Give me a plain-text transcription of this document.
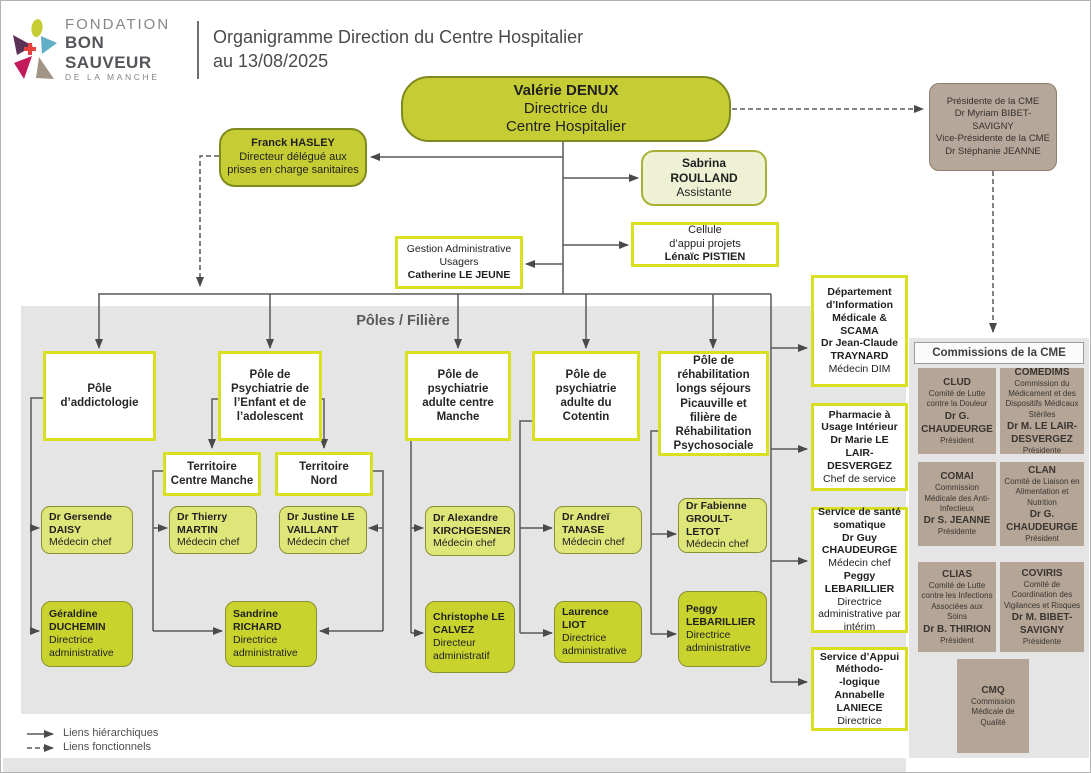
FONDATION
BON SAUVEUR
DE LA MANCHE
Organigramme Direction du Centre Hospitalier
au 13/08/2025
Valérie DENUX
Directrice du
Centre Hospitalier
Présidente de la CME
Dr Myriam BIBET-SAVIGNY
Vice-Présidente de la CME Dr Stéphanie JEANNE
Franck HASLEY
Directeur délégué aux prises en charge sanitaires
Sabrina ROULLAND
Assistante
Gestion Administrative
Usagers
Catherine LE JEUNE
Cellule
d’appui projets
Lénaïc PISTIEN
Pôles / Filière
Pôle d’addictologie
Pôle de Psychiatrie de l’Enfant et de l’adolescent
Pôle de psychiatrie adulte centre Manche
Pôle de psychiatrie adulte du Cotentin
Pôle de réhabilitation longs séjours Picauville et filière de Réhabilitation Psychosociale
Territoire
Centre Manche
Territoire
Nord
Dr Gersende DAISY
Médecin chef
Dr Thierry MARTIN
Médecin chef
Dr Justine LE VAILLANT
Médecin chef
Dr Alexandre KIRCHGESNER
Médecin chef
Dr Andreï TANASE
Médecin chef
Dr Fabienne GROULT-LETOT
Médecin chef
Géraldine DUCHEMIN
Directrice administrative
Sandrine RICHARD
Directrice administrative
Christophe LE CALVEZ
Directeur administratif
Laurence LIOT
Directrice administrative
Peggy LEBARILLIER
Directrice administrative
Département d’Information Médicale & SCAMA
Dr Jean-Claude TRAYNARD
Médecin DIM
Pharmacie à Usage Intérieur
Dr Marie LE LAIR-DESVERGEZ
Chef de service
Service de santé somatique
Dr Guy CHAUDEURGE
Médecin chef
Peggy LEBARILLIER
Directrice administrative par intérim
Service d’Appui
Méthodo-
-logique
Annabelle LANIECE
Directrice
Commissions de la CME
CLUD
Comité de Lutte contre la Douleur
Dr G. CHAUDEURGE
Président
COMEDIMS
Commission du Médicament et des Dispositifs Médicaux Stériles
Dr M. LE LAIR-DESVERGEZ
Présidente
COMAI
Commission Médicale des Anti-Infectieux
Dr S. JEANNE
Présidente
CLAN
Comité de Liaison en Alimentation et Nutrition
Dr G. CHAUDEURGE
Président
CLIAS
Comité de Lutte contre les Infections Associées aux Soins
Dr B. THIRION
Président
COVIRIS
Comité de Coordination des Vigilances et Risques
Dr M. BIBET-SAVIGNY
Présidente
CMQ
Commission Médicale de Qualité
Liens hiérarchiques
Liens fonctionnels
